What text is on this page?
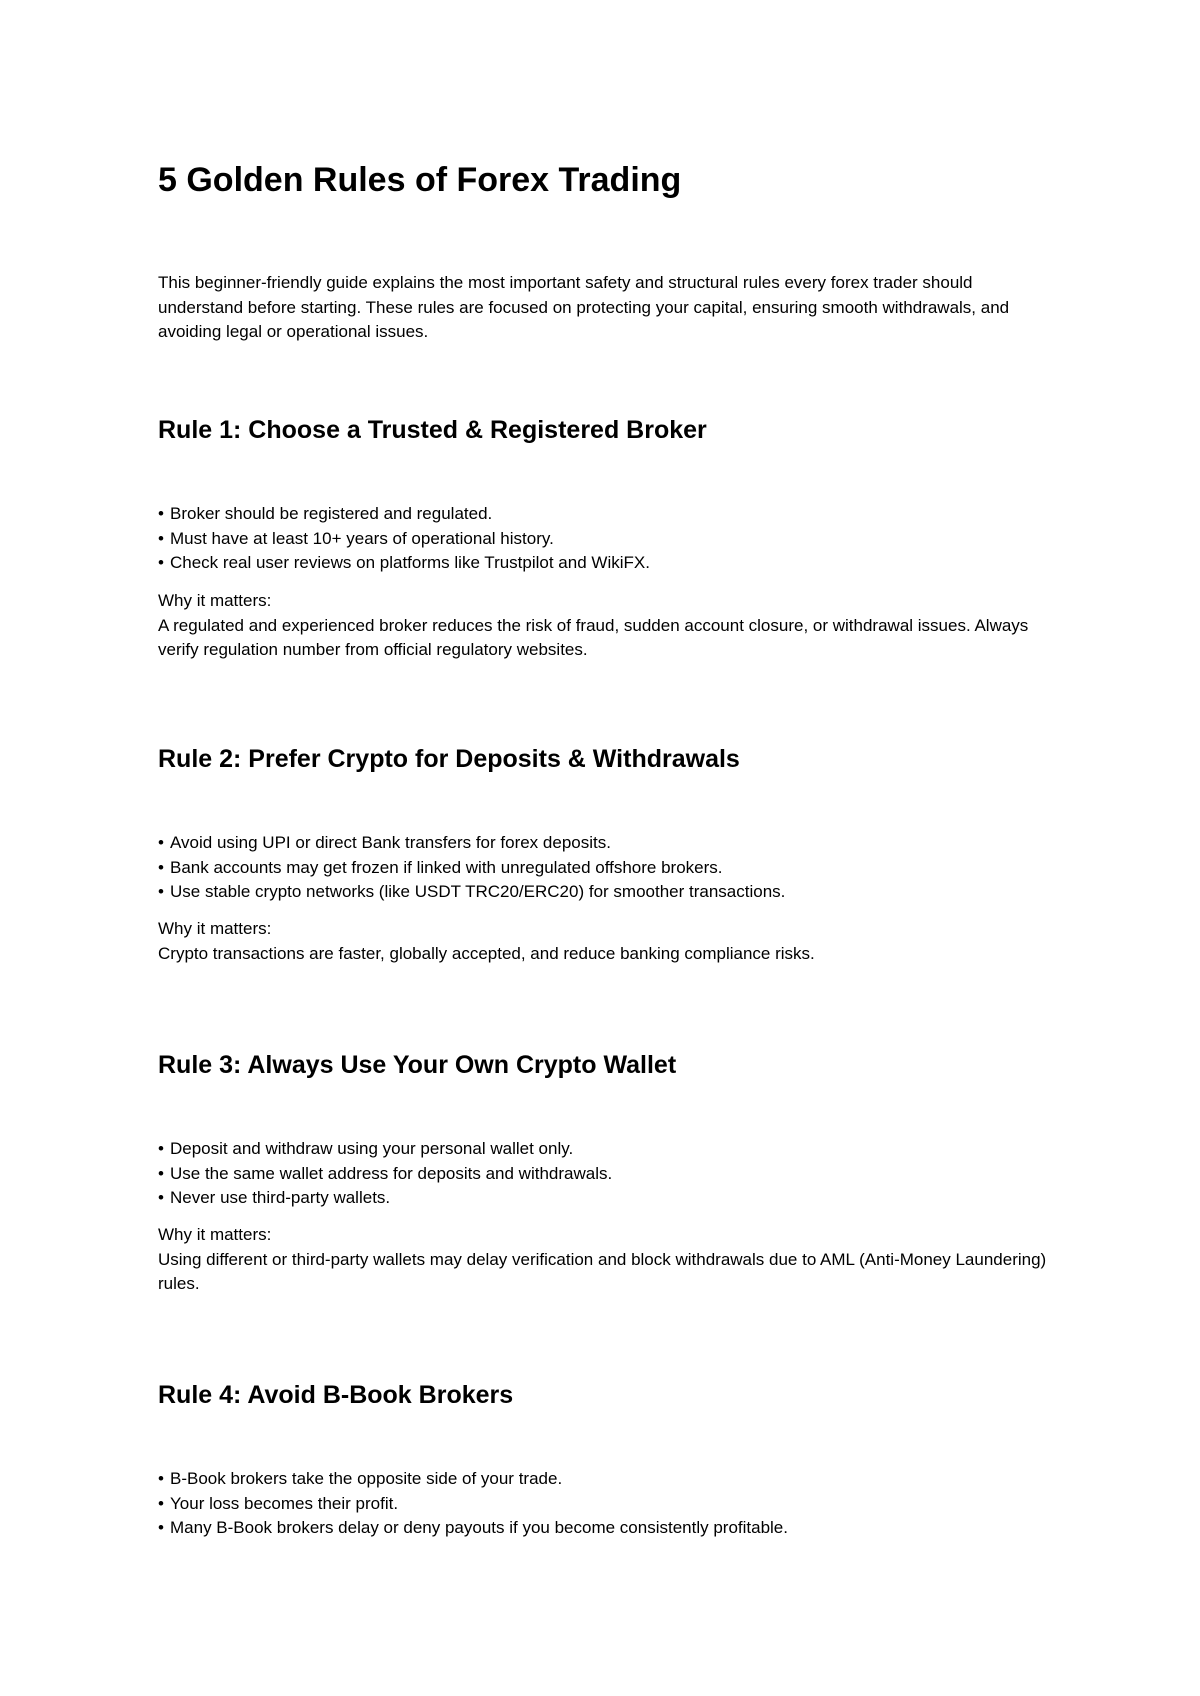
5 Golden Rules of Forex Trading

This beginner-friendly guide explains the most important safety and structural rules every forex trader should understand before starting. These rules are focused on protecting your capital, ensuring smooth withdrawals, and avoiding legal or operational issues.

Rule 1: Choose a Trusted & Registered Broker
• Broker should be registered and regulated.
• Must have at least 10+ years of operational history.
• Check real user reviews on platforms like Trustpilot and WikiFX.

Why it matters:

A regulated and experienced broker reduces the risk of fraud, sudden account closure, or withdrawal issues. Always verify regulation number from official regulatory websites.

Rule 2: Prefer Crypto for Deposits & Withdrawals
• Avoid using UPI or direct Bank transfers for forex deposits.
• Bank accounts may get frozen if linked with unregulated offshore brokers.
• Use stable crypto networks (like USDT TRC20/ERC20) for smoother transactions.

Why it matters:

Crypto transactions are faster, globally accepted, and reduce banking compliance risks.

Rule 3: Always Use Your Own Crypto Wallet
• Deposit and withdraw using your personal wallet only.
• Use the same wallet address for deposits and withdrawals.
• Never use third-party wallets.

Why it matters:

Using different or third-party wallets may delay verification and block withdrawals due to AML (Anti-Money Laundering) rules.

Rule 4: Avoid B-Book Brokers
• B-Book brokers take the opposite side of your trade.
• Your loss becomes their profit.
• Many B-Book brokers delay or deny payouts if you become consistently profitable.
